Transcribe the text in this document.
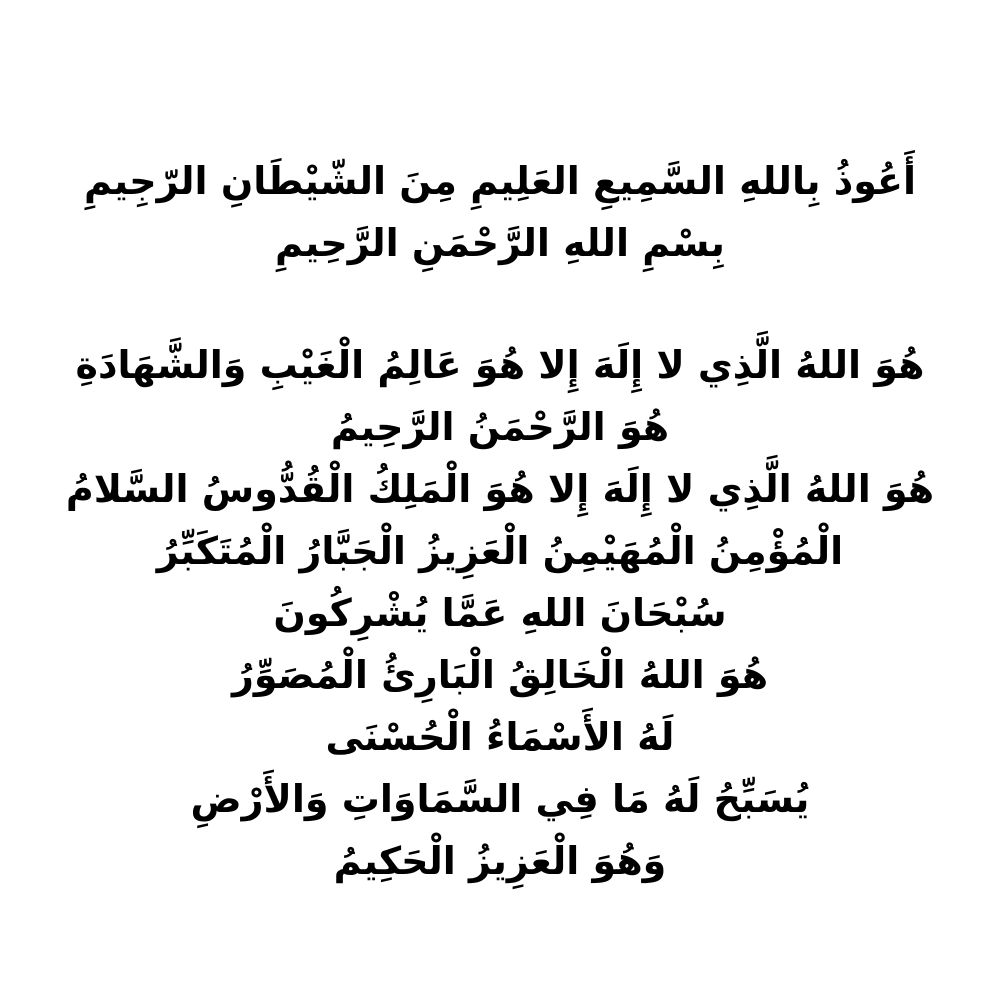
أَعُوذُ بِاللهِ السَّمِيعِ العَلِيمِ مِنَ الشّيْطَانِ الرّجِيمِ

بِسْمِ اللهِ الرَّحْمَنِ الرَّحِيمِ

هُوَ اللهُ الَّذِي لا إِلَهَ إِلا هُوَ عَالِمُ الْغَيْبِ وَالشَّهَادَةِ

هُوَ الرَّحْمَنُ الرَّحِيمُ

هُوَ اللهُ الَّذِي لا إِلَهَ إِلا هُوَ الْمَلِكُ الْقُدُّوسُ السَّلامُ

الْمُؤْمِنُ الْمُهَيْمِنُ الْعَزِيزُ الْجَبَّارُ الْمُتَكَبِّرُ

سُبْحَانَ اللهِ عَمَّا يُشْرِكُونَ

هُوَ اللهُ الْخَالِقُ الْبَارِئُ الْمُصَوِّرُ

لَهُ الأَسْمَاءُ الْحُسْنَى

يُسَبِّحُ لَهُ مَا فِي السَّمَاوَاتِ وَالأَرْضِ

وَهُوَ الْعَزِيزُ الْحَكِيمُ
